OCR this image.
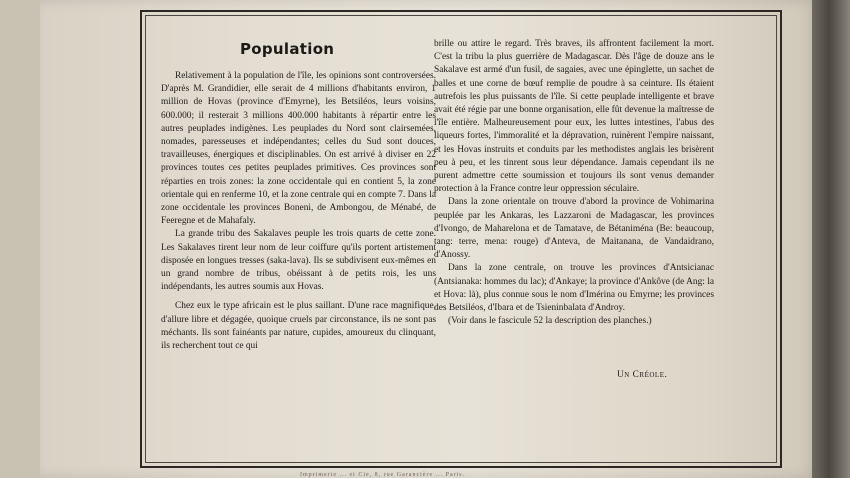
Population

Relativement à la population de l'île, les opinions sont controversées. D'après M. Grandidier, elle serait de 4 millions d'habitants environ, 1 million de Hovas (province d'Emyrne), les Betsiléos, leurs voisins, 600.000; il resterait 3 millions 400.000 habitants à répartir entre les autres peuplades indigènes. Les peuplades du Nord sont clairsemées, nomades, paresseuses et indépendantes; celles du Sud sont douces, travailleuses, énergiques et disciplinables. On est arrivé à diviser en 22 provinces toutes ces petites peuplades primitives. Ces provinces sont réparties en trois zones: la zone occidentale qui en contient 5, la zone orientale qui en renferme 10, et la zone centrale qui en compte 7. Dans la zone occidentale les provinces Boneni, de Ambongou, de Ménabé, de Feeregne et de Mahafaly.

La grande tribu des Sakalaves peuple les trois quarts de cette zone. Les Sakalaves tirent leur nom de leur coiffure qu'ils portent artistement disposée en longues tresses (saka-lava). Ils se subdivisent eux-mêmes en un grand nombre de tribus, obéissant à de petits rois, les uns indépendants, les autres soumis aux Hovas.

Chez eux le type africain est le plus saillant. D'une race magnifique, d'allure libre et dégagée, quoique cruels par circonstance, ils ne sont pas méchants. Ils sont fainéants par nature, cupides, amoureux du clinquant, ils recherchent tout ce qui

brille ou attire le regard. Très braves, ils affrontent facilement la mort. C'est la tribu la plus guerrière de Madagascar. Dès l'âge de douze ans le Sakalave est armé d'un fusil, de sagaies, avec une épinglette, un sachet de balles et une corne de bœuf remplie de poudre à sa ceinture. Ils étaient autrefois les plus puissants de l'île. Si cette peuplade intelligente et brave avait été régie par une bonne organisation, elle fût devenue la maîtresse de l'île entière. Malheureusement pour eux, les luttes intestines, l'abus des liqueurs fortes, l'immoralité et la dépravation, ruinèrent l'empire naissant, et les Hovas instruits et conduits par les methodistes anglais les brisèrent peu à peu, et les tinrent sous leur dépendance. Jamais cependant ils ne purent admettre cette soumission et toujours ils sont venus demander protection à la France contre leur oppression séculaire.

Dans la zone orientale on trouve d'abord la province de Vohimarina peuplée par les Ankaras, les Lazzaroni de Madagascar, les provinces d'Ivongo, de Maharelona et de Tamatave, de Bétaniména (Be: beaucoup, tang: terre, mena: rouge) d'Anteva, de Maitanana, de Vandaidrano, d'Anossy.

Dans la zone centrale, on trouve les provinces d'Antsicianac (Antsianaka: hommes du lac); d'Ankaye; la province d'Ankôve (de Ang: la et Hova: là), plus connue sous le nom d'Imérina ou Emyrne; les provinces des Betsiléos, d'Ibara et de Tsieninbalata d'Androy.

(Voir dans le fascicule 52 la description des planches.)

Un Créole.
Imprimerie ... et Cie, 8, rue Garancière ... Paris.
